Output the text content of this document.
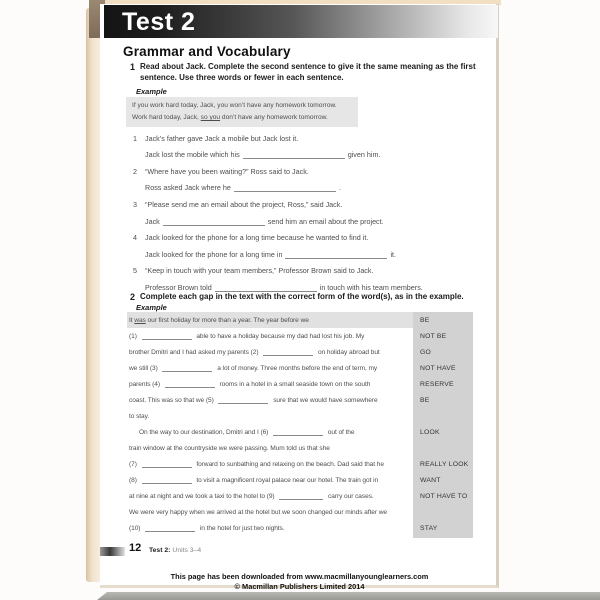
Test 2
Grammar and Vocabulary
1 Read about Jack. Complete the second sentence to give it the same meaning as the first
sentence. Use three words or fewer in each sentence.
Example
If you work hard today, Jack, you won’t have any homework tomorrow.
Work hard today, Jack, so you don’t have any homework tomorrow.
1	Jack’s father gave Jack a mobile but Jack lost it.
Jack lost the mobile which his	given him.
2	“Where have you been waiting?” Ross said to Jack.
Ross asked Jack where he	.
3	“Please send me an email about the project, Ross,” said Jack.
Jack	send him an email about the project.
4	Jack looked for the phone for a long time because he wanted to find it.
Jack looked for the phone for a long time in	it.
5	“Keep in touch with your team members,” Professor Brown said to Jack.
Professor Brown told	in touch with his team members.
2 Complete each gap in the text with the correct form of the word(s), as in the example.
Example
It was our first holiday for more than a year. The year before we	BE
(1)	able to have a holiday because my dad had lost his job. My	NOT BE
brother Dmitri and I had asked my parents (2)	on holiday abroad but	GO
we still (3)	a lot of money. Three months before the end of term, my	NOT HAVE
parents (4)	rooms in a hotel in a small seaside town on the south	RESERVE
coast. This was so that we (5)	sure that we would have somewhere	BE
to stay.
On the way to our destination, Dmitri and I (6)	out of the	LOOK
train window at the countryside we were passing. Mum told us that she
(7)	forward to sunbathing and relaxing on the beach. Dad said that he	REALLY LOOK
(8)	to visit a magnificent royal palace near our hotel. The train got in	WANT
at nine at night and we took a taxi to the hotel to (9)	carry our cases.	NOT HAVE TO
We were very happy when we arrived at the hotel but we soon changed our minds after we
(10)	in the hotel for just two nights.	STAY
12 Test 2: Units 3–4
This page has been downloaded from www.macmillanyounglearners.com
© Macmillan Publishers Limited 2014
